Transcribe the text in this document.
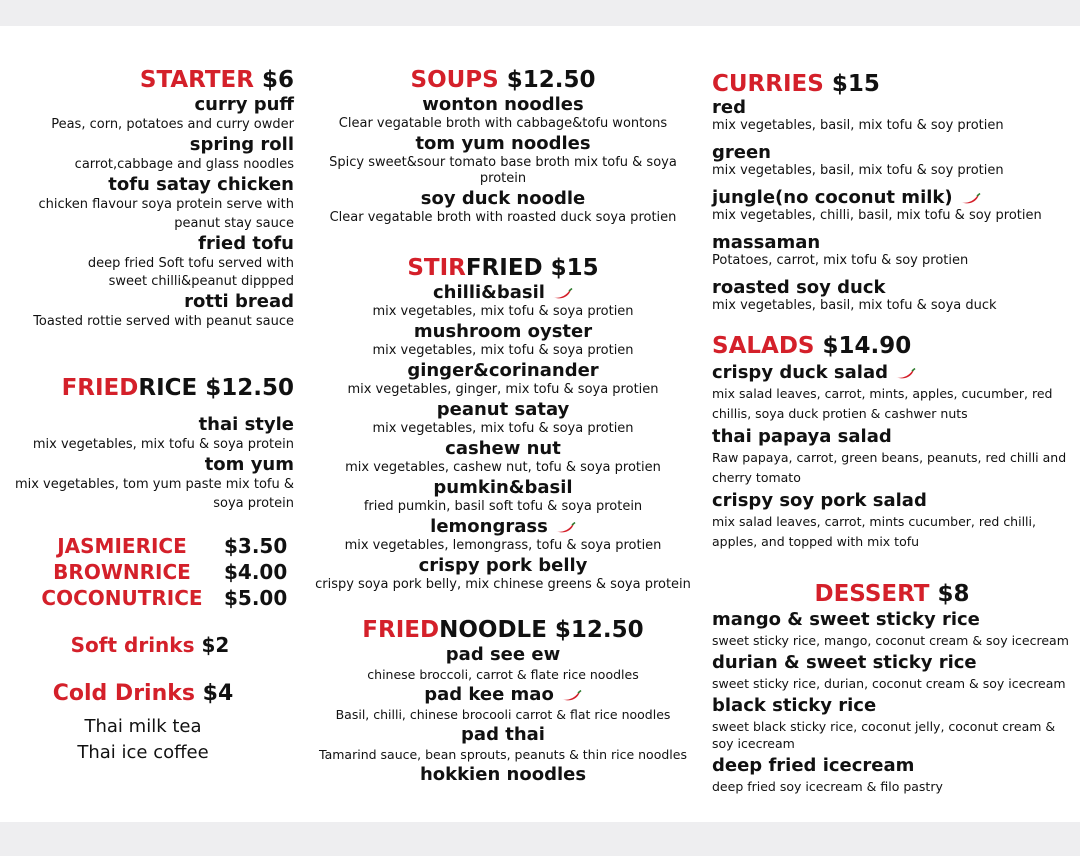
STARTER $6
curry puff
Peas, corn, potatoes and curry owder
spring roll
carrot,cabbage and glass noodles
tofu satay chicken
chicken flavour soya protein serve with
peanut stay sauce
fried tofu
deep fried Soft tofu served with
sweet chilli&peanut dippped
rotti bread
Toasted rottie served with peanut sauce
FRIEDRICE $12.50
thai style
mix vegetables, mix tofu & soya protein
tom yum
mix vegetables, tom yum paste mix tofu &
soya protein
JASMIERICE	$3.50
BROWNRICE	$4.00
COCONUTRICE	$5.00
Soft drinks $2
Cold Drinks $4
Thai milk tea
Thai ice coffee
SOUPS $12.50
wonton noodles
Clear vegatable broth with cabbage&tofu wontons
tom yum noodles
Spicy sweet&sour tomato base broth mix tofu & soya
protein
soy duck noodle
Clear vegatable broth with roasted duck soya protien
STIRFRIED $15
chilli&basil
mix vegetables, mix tofu & soya protien
mushroom oyster
mix vegetables, mix tofu & soya protien
ginger&corinander
mix vegetables, ginger, mix tofu & soya protien
peanut satay
mix vegetables, mix tofu & soya protien
cashew nut
mix vegetables, cashew nut, tofu & soya protien
pumkin&basil
fried pumkin, basil soft tofu & soya protein
lemongrass
mix vegetables, lemongrass, tofu & soya protien
crispy pork belly
crispy soya pork belly, mix chinese greens & soya protein
FRIEDNOODLE $12.50
pad see ew
chinese broccoli, carrot & flate rice noodles
pad kee mao
Basil, chilli, chinese brocooli carrot & flat rice noodles
pad thai
Tamarind sauce, bean sprouts, peanuts & thin rice noodles
hokkien noodles
CURRIES $15
red
mix vegetables, basil, mix tofu & soy protien
green
mix vegetables, basil, mix tofu & soy protien
jungle(no coconut milk)
mix vegetables, chilli, basil, mix tofu & soy protien
massaman
Potatoes, carrot, mix tofu & soy protien
roasted soy duck
mix vegetables, basil, mix tofu & soya duck
SALADS $14.90
crispy duck salad
mix salad leaves, carrot, mints, apples, cucumber, red
chillis, soya duck protien & cashwer nuts
thai papaya salad
Raw papaya, carrot, green beans, peanuts, red chilli and
cherry tomato
crispy soy pork salad
mix salad leaves, carrot, mints cucumber, red chilli,
apples, and topped with mix tofu
DESSERT $8
mango & sweet sticky rice
sweet sticky rice, mango, coconut cream & soy icecream
durian & sweet sticky rice
sweet sticky rice, durian, coconut cream & soy icecream
black sticky rice
sweet black sticky rice, coconut jelly, coconut cream &
soy icecream
deep fried icecream
deep fried soy icecream & filo pastry
